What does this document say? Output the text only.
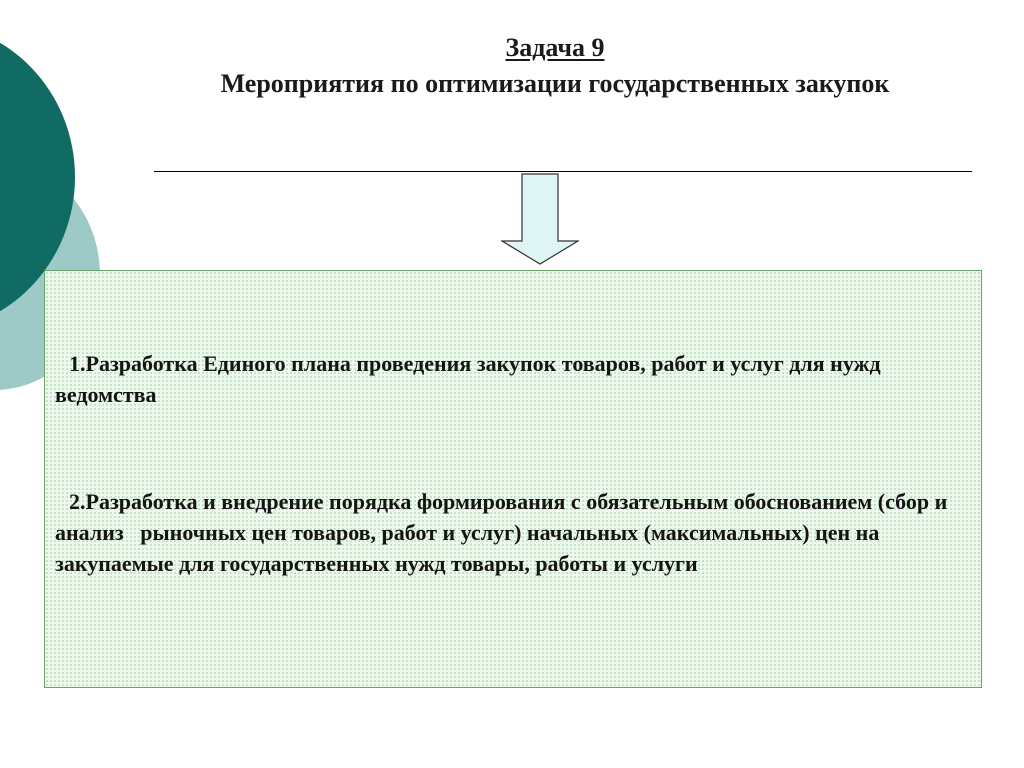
Задача 9
Мероприятия по оптимизации государственных закупок
1.Разработка Единого плана проведения закупок товаров, работ и услуг для нужд ведомства
2.Разработка и внедрение порядка формирования с обязательным обоснованием (сбор и анализ   рыночных цен товаров, работ и услуг) начальных (максимальных) цен на закупаемые для государственных нужд товары, работы и услуги
